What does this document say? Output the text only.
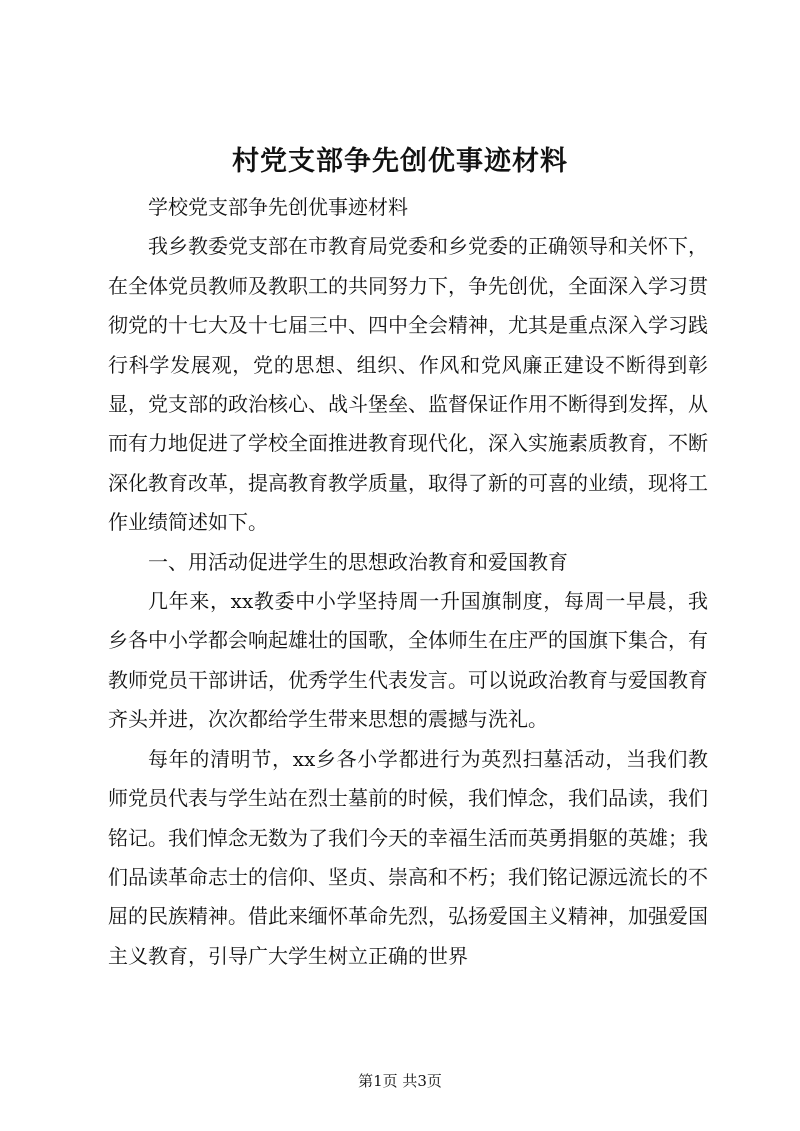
村党支部争先创优事迹材料

学校党支部争先创优事迹材料

我乡教委党支部在市教育局党委和乡党委的正确领导和关怀下，在全体党员教师及教职工的共同努力下，争先创优，全面深入学习贯彻党的十七大及十七届三中、四中全会精神，尤其是重点深入学习践行科学发展观，党的思想、组织、作风和党风廉正建设不断得到彰显，党支部的政治核心、战斗堡垒、监督保证作用不断得到发挥，从而有力地促进了学校全面推进教育现代化，深入实施素质教育，不断深化教育改革，提高教育教学质量，取得了新的可喜的业绩，现将工作业绩简述如下。

一、用活动促进学生的思想政治教育和爱国教育

几年来，xx教委中小学坚持周一升国旗制度，每周一早晨，我乡各中小学都会响起雄壮的国歌，全体师生在庄严的国旗下集合，有教师党员干部讲话，优秀学生代表发言。可以说政治教育与爱国教育齐头并进，次次都给学生带来思想的震撼与洗礼。

每年的清明节，xx乡各小学都进行为英烈扫墓活动，当我们教师党员代表与学生站在烈士墓前的时候，我们悼念，我们品读，我们铭记。我们悼念无数为了我们今天的幸福生活而英勇捐躯的英雄；我们品读革命志士的信仰、坚贞、崇高和不朽；我们铭记源远流长的不屈的民族精神。借此来缅怀革命先烈，弘扬爱国主义精神，加强爱国主义教育，引导广大学生树立正确的世界

第1页 共3页
